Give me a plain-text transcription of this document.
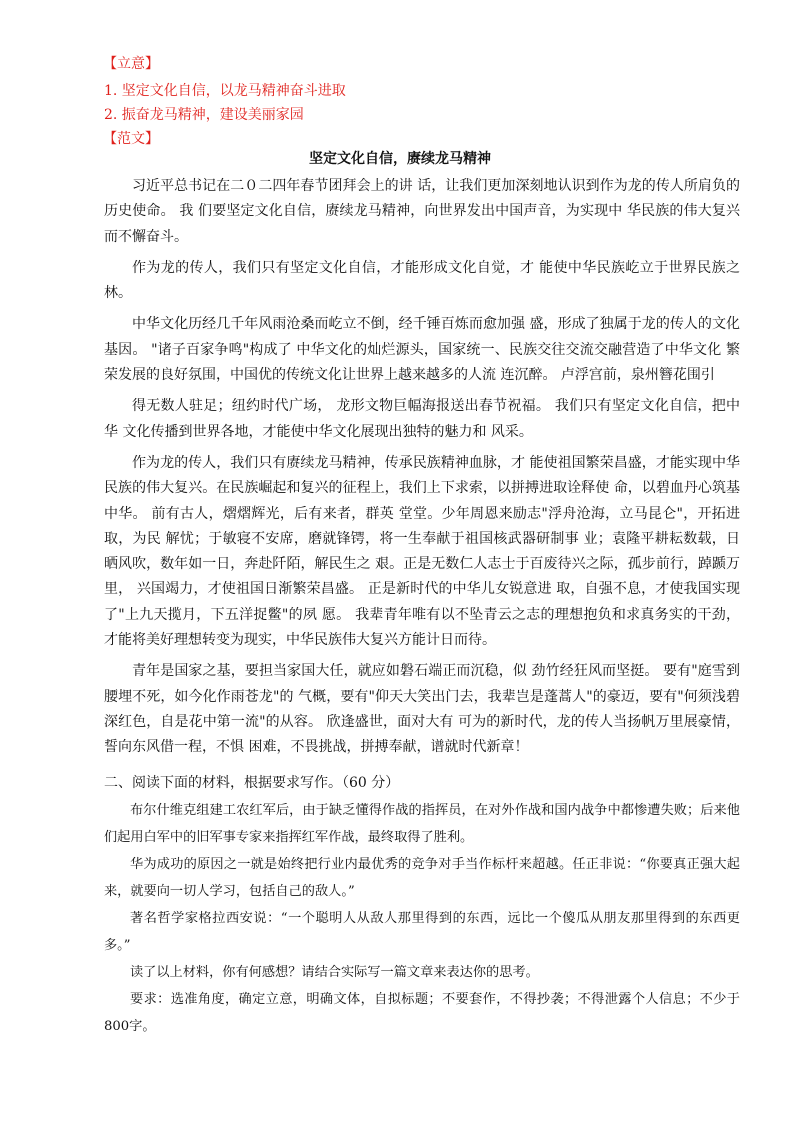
【立意】
1. 坚定文化自信，以龙马精神奋斗进取
2. 振奋龙马精神，建设美丽家园
【范文】
坚定文化自信，赓续龙马精神

习近平总书记在二０二四年春节团拜会上的讲 话，让我们更加深刻地认识到作为龙的传人所肩负的历史使命。 我 们要坚定文化自信，赓续龙马精神，向世界发出中国声音，为实现中 华民族的伟大复兴而不懈奋斗。

作为龙的传人，我们只有坚定文化自信，才能形成文化自觉，才 能使中华民族屹立于世界民族之林。

中华文化历经几千年风雨沧桑而屹立不倒，经千锤百炼而愈加强 盛，形成了独属于龙的传人的文化基因。 "诸子百家争鸣"构成了 中华文化的灿烂源头，国家统一、民族交往交流交融营造了中华文化 繁荣发展的良好氛围，中国优的传统文化让世界上越来越多的人流 连沉醉。 卢浮宫前，泉州簪花围引

得无数人驻足；纽约时代广场， 龙形文物巨幅海报送出春节祝福。 我们只有坚定文化自信，把中华 文化传播到世界各地，才能使中华文化展现出独特的魅力和 风采。

作为龙的传人，我们只有赓续龙马精神，传承民族精神血脉，才 能使祖国繁荣昌盛，才能实现中华民族的伟大复兴。在民族崛起和复兴的征程上，我们上下求索，以拼搏进取诠释使 命，以碧血丹心筑基中华。 前有古人，熠熠辉光，后有来者，群英 堂堂。少年周恩来励志"浮舟沧海，立马昆仑"，开拓进取，为民 解忧；于敏寝不安席，磨就锋锷，将一生奉献于祖国核武器研制事 业；袁隆平耕耘数载，日晒风吹，数年如一日，奔赴阡陌，解民生之 艰。正是无数仁人志士于百废待兴之际，孤步前行，踔踬万里， 兴国竭力，才使祖国日渐繁荣昌盛。 正是新时代的中华儿女锐意进 取，自强不息，才使我国实现了"上九天揽月，下五洋捉鳖"的夙 愿。 我辈青年唯有以不坠青云之志的理想抱负和求真务实的干劲，才能将美好理想转变为现实，中华民族伟大复兴方能计日而待。

青年是国家之基，要担当家国大任，就应如磐石端正而沉稳，似 劲竹经狂风而坚挺。 要有"庭雪到腰埋不死，如今化作雨苍龙"的 气概，要有"仰天大笑出门去，我辈岂是蓬蒿人"的豪迈，要有"何须浅碧深红色，自是花中第一流"的从容。 欣逢盛世，面对大有 可为的新时代，龙的传人当扬帆万里展豪情，誓向东风借一程，不惧 困难，不畏挑战，拼搏奉献，谱就时代新章！

二、阅读下面的材料，根据要求写作。（60 分）

布尔什维克组建工农红军后，由于缺乏懂得作战的指挥员，在对外作战和国内战争中都惨遭失败；后来他们起用白军中的旧军事专家来指挥红军作战，最终取得了胜利。

华为成功的原因之一就是始终把行业内最优秀的竞争对手当作标杆来超越。任正非说：“你要真正强大起来，就要向一切人学习，包括自己的敌人。”

著名哲学家格拉西安说：“一个聪明人从敌人那里得到的东西，远比一个傻瓜从朋友那里得到的东西更多。”

读了以上材料，你有何感想？请结合实际写一篇文章来表达你的思考。

要求：选准角度，确定立意，明确文体，自拟标题；不要套作，不得抄袭；不得泄露个人信息；不少于800字。
